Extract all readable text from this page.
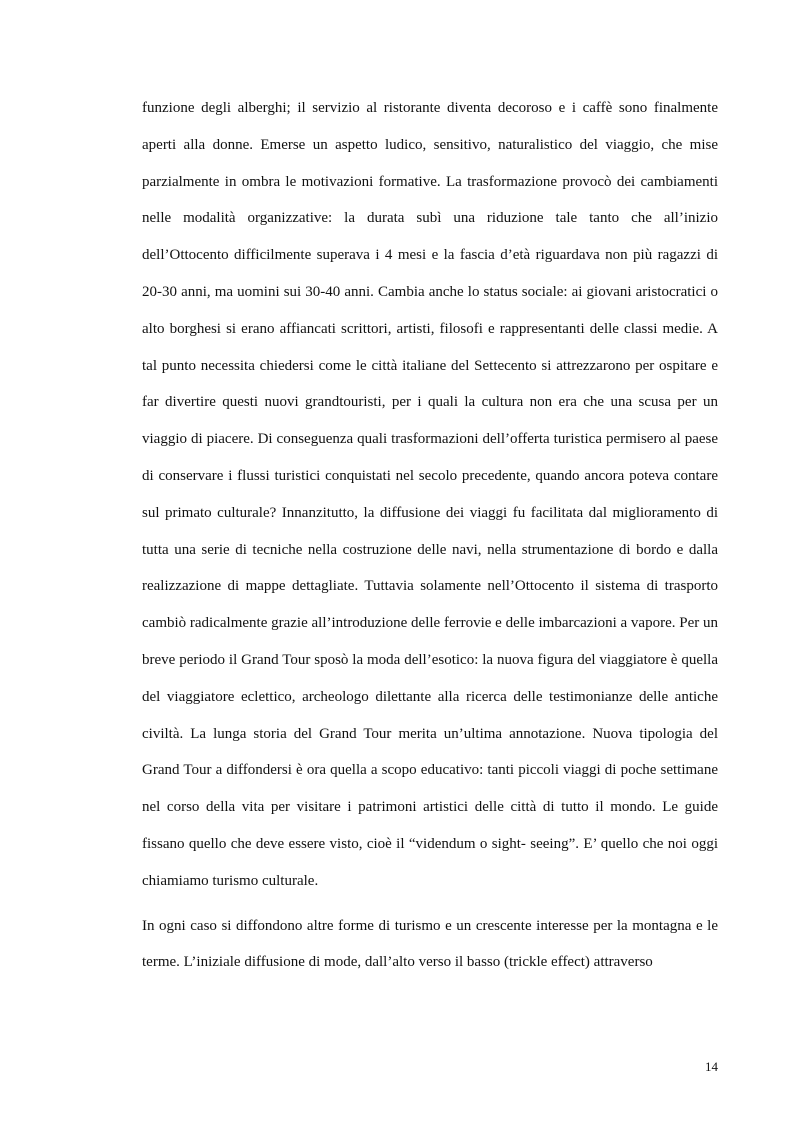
funzione degli alberghi; il servizio al ristorante diventa decoroso e i caffè sono finalmente aperti alla donne. Emerse un aspetto ludico, sensitivo, naturalistico del viaggio, che mise parzialmente in ombra le motivazioni formative. La trasformazione provocò dei cambiamenti nelle modalità organizzative: la durata subì una riduzione tale tanto che all’inizio dell’Ottocento difficilmente superava i 4 mesi e la fascia d’età riguardava non più ragazzi di 20-30 anni, ma uomini sui 30-40 anni. Cambia anche lo status sociale: ai giovani aristocratici o alto borghesi si erano affiancati scrittori, artisti, filosofi e rappresentanti delle classi medie. A tal punto necessita chiedersi come le città italiane del Settecento si attrezzarono per ospitare e far divertire questi nuovi grandtouristi, per i quali la cultura non era che una scusa per un viaggio di piacere. Di conseguenza quali trasformazioni dell’offerta turistica permisero al paese di conservare i flussi turistici conquistati nel secolo precedente, quando ancora poteva contare sul primato culturale? Innanzitutto, la diffusione dei viaggi fu facilitata dal miglioramento di tutta una serie di tecniche nella costruzione delle navi, nella strumentazione di bordo e dalla realizzazione di mappe dettagliate. Tuttavia solamente nell’Ottocento il sistema di trasporto cambiò radicalmente grazie all’introduzione delle ferrovie e delle imbarcazioni a vapore. Per un breve periodo il Grand Tour sposò la moda dell’esotico: la nuova figura del viaggiatore è quella del viaggiatore eclettico, archeologo dilettante alla ricerca delle testimonianze delle antiche civiltà. La lunga storia del Grand Tour merita un’ultima annotazione. Nuova tipologia del Grand Tour a diffondersi è ora quella a scopo educativo: tanti piccoli viaggi di poche settimane nel corso della vita per visitare i patrimoni artistici delle città di tutto il mondo. Le guide fissano quello che deve essere visto, cioè il “videndum o sight- seeing”. E’ quello che noi oggi chiamiamo turismo culturale.

In ogni caso si diffondono altre forme di turismo e un crescente interesse per la montagna e le terme. L’iniziale diffusione di mode, dall’alto verso il basso (trickle effect) attraverso

14
